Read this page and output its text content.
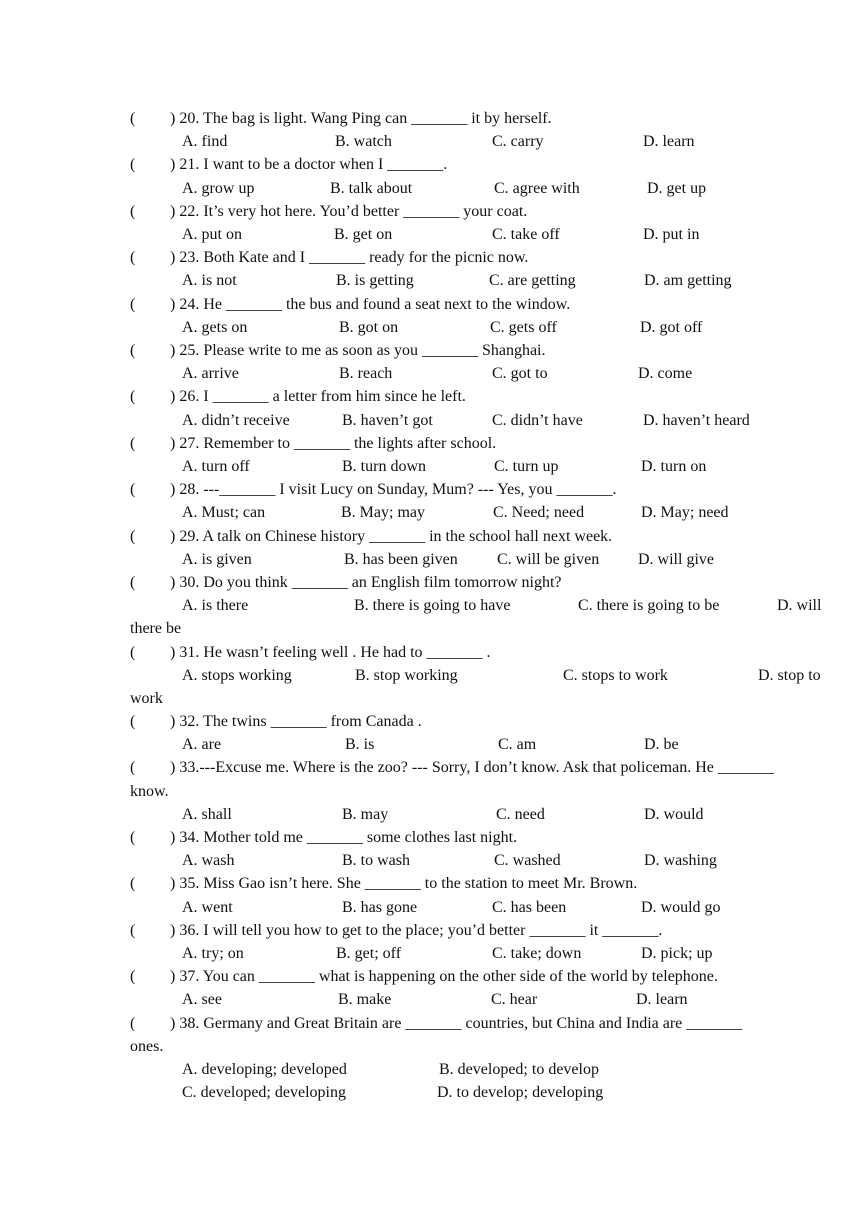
( ) 20. The bag is light. Wang Ping can _______ it by herself.
A. find	B. watch	C. carry	D. learn
( ) 21. I want to be a doctor when I _______.
A. grow up	B. talk about	C. agree with	D. get up
( ) 22. It’s very hot here. You’d better _______ your coat.
A. put on	B. get on	C. take off	D. put in
( ) 23. Both Kate and I _______ ready for the picnic now.
A. is not	B. is getting	C. are getting	D. am getting
( ) 24. He _______ the bus and found a seat next to the window.
A. gets on	B. got on	C. gets off	D. got off
( ) 25. Please write to me as soon as you _______ Shanghai.
A. arrive	B. reach	C. got to	D. come
( ) 26. I _______ a letter from him since he left.
A. didn’t receive	B. haven’t got	C. didn’t have	D. haven’t heard
( ) 27. Remember to _______ the lights after school.
A. turn off	B. turn down	C. turn up	D. turn on
( ) 28. ---_______ I visit Lucy on Sunday, Mum? --- Yes, you _______.
A. Must; can	B. May; may	C. Need; need	D. May; need
( ) 29. A talk on Chinese history _______ in the school hall next week.
A. is given	B. has been given C. will be given D. will give
( ) 30. Do you think _______ an English film tomorrow night?
A. is there	B. there is going to have	C. there is going to be	D. will
there be
( ) 31. He wasn’t feeling well . He had to _______ .
A. stops working	B. stop working	C. stops to work	D. stop to
work
( ) 32. The twins _______ from Canada .
A. are	B. is	C. am	D. be
( ) 33.---Excuse me. Where is the zoo? --- Sorry, I don’t know. Ask that policeman. He _______
know.
A. shall	B. may	C. need	D. would
( ) 34. Mother told me _______ some clothes last night.
A. wash	B. to wash	C. washed	D. washing
( ) 35. Miss Gao isn’t here. She _______ to the station to meet Mr. Brown.
A. went	B. has gone	C. has been	D. would go
( ) 36. I will tell you how to get to the place; you’d better _______ it _______.
A. try; on	B. get; off	C. take; down	D. pick; up
( ) 37. You can _______ what is happening on the other side of the world by telephone.
A. see	B. make	C. hear	D. learn
( ) 38. Germany and Great Britain are _______ countries, but China and India are _______
ones.
A. developing; developed	B. developed; to develop
C. developed; developing	D. to develop; developing
